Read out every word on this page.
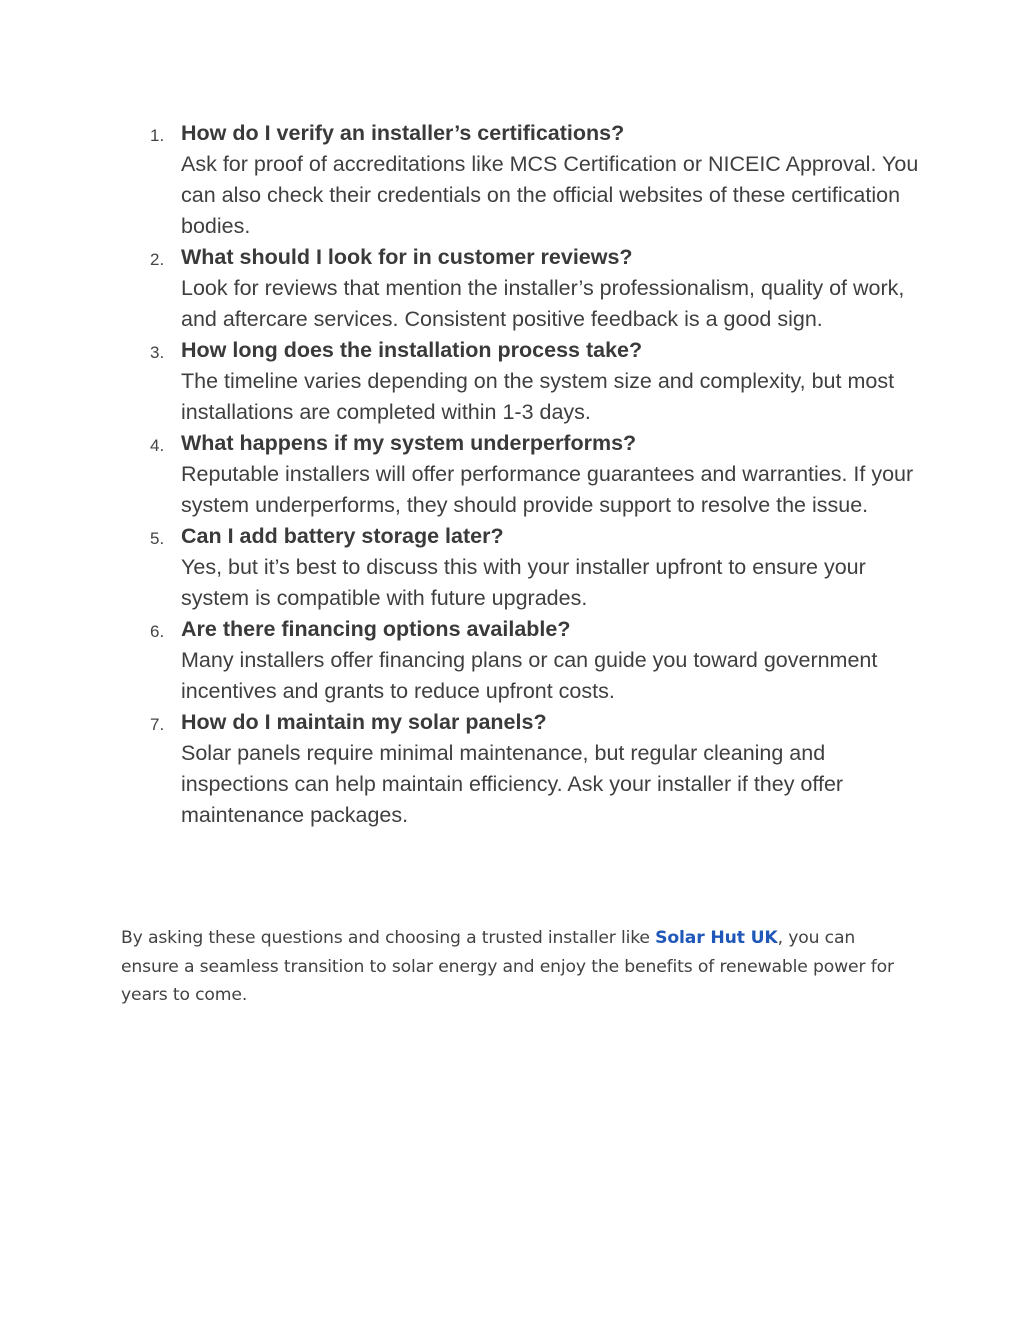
1. How do I verify an installer’s certifications?
Ask for proof of accreditations like MCS Certification or NICEIC Approval. You can also check their credentials on the official websites of these certification bodies.
2. What should I look for in customer reviews?
Look for reviews that mention the installer’s professionalism, quality of work, and aftercare services. Consistent positive feedback is a good sign.
3. How long does the installation process take?
The timeline varies depending on the system size and complexity, but most installations are completed within 1-3 days.
4. What happens if my system underperforms?
Reputable installers will offer performance guarantees and warranties. If your system underperforms, they should provide support to resolve the issue.
5. Can I add battery storage later?
Yes, but it’s best to discuss this with your installer upfront to ensure your system is compatible with future upgrades.
6. Are there financing options available?
Many installers offer financing plans or can guide you toward government incentives and grants to reduce upfront costs.
7. How do I maintain my solar panels?
Solar panels require minimal maintenance, but regular cleaning and inspections can help maintain efficiency. Ask your installer if they offer maintenance packages.

By asking these questions and choosing a trusted installer like Solar Hut UK, you can ensure a seamless transition to solar energy and enjoy the benefits of renewable power for years to come.
